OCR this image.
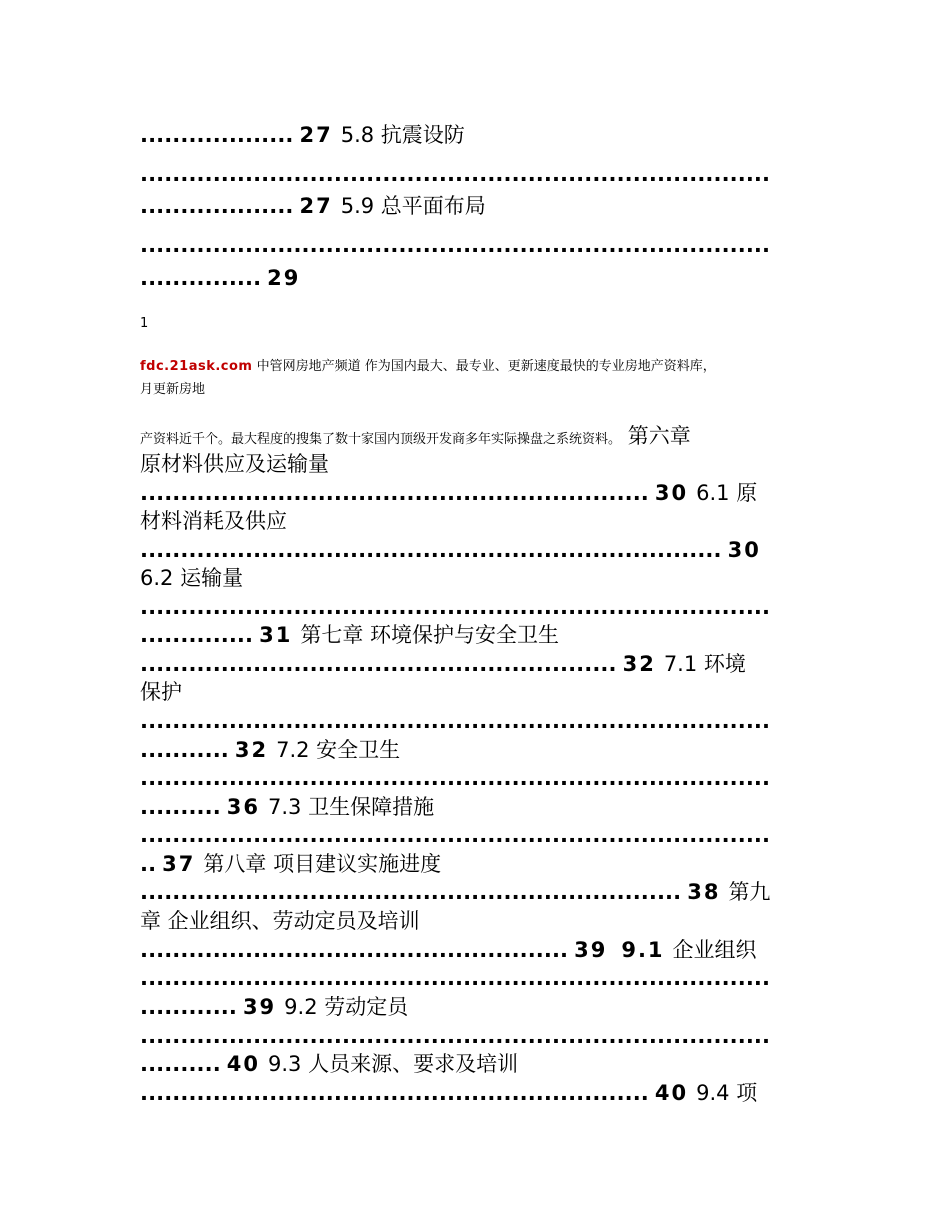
................... 27 5.8 抗震设防
..............................................................................
................... 27 5.9 总平面布局
..............................................................................
............... 29
1
fdc.21ask.com 中管网房地产频道 作为国内最大、最专业、更新速度最快的专业房地产资料库，
月更新房地
产资料近千个。最大程度的搜集了数十家国内顶级开发商多年实际操盘之系统资料。 第六章
原材料供应及运输量
............................................................... 30 6.1 原
材料消耗及供应
........................................................................ 30
6.2 运输量
..............................................................................
.............. 31 第七章 环境保护与安全卫生
........................................................... 32 7.1 环境
保护
..............................................................................
........... 32 7.2 安全卫生
..............................................................................
.......... 36 7.3 卫生保障措施
..............................................................................
.. 37 第八章 项目建议实施进度
................................................................... 38 第九
章 企业组织、劳动定员及培训
..................................................... 39 9.1 企业组织
..............................................................................
............ 39 9.2 劳动定员
..............................................................................
.......... 40 9.3 人员来源、要求及培训
............................................................... 40 9.4 项
